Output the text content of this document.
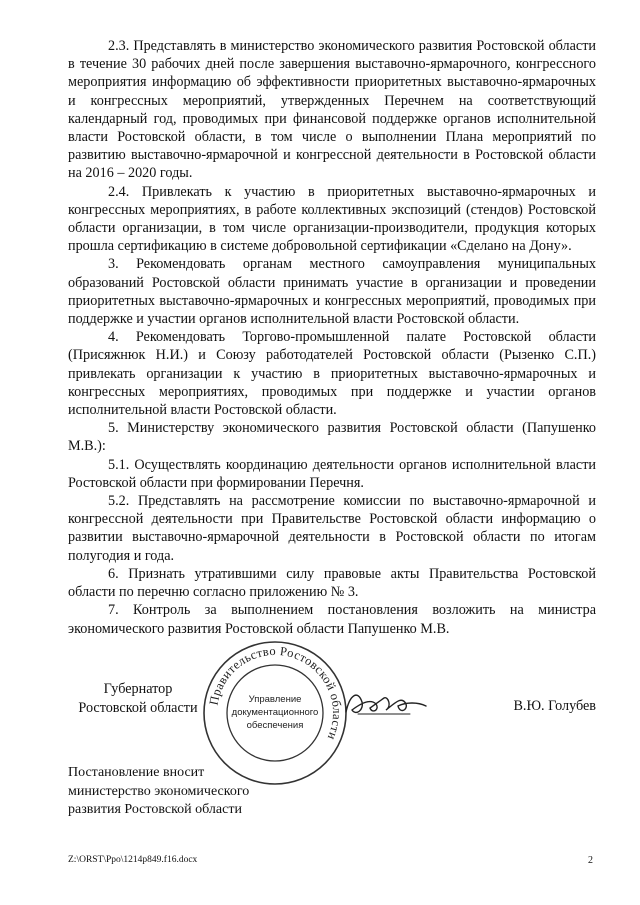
2.3. Представлять в министерство экономического развития Ростовской области в течение 30 рабочих дней после завершения выставочно-ярмарочного, конгрессного мероприятия информацию об эффективности приоритетных выставочно-ярмарочных и конгрессных мероприятий, утвержденных Перечнем на соответствующий календарный год, проводимых при финансовой поддержке органов исполнительной власти Ростовской области, в том числе о выполнении Плана мероприятий по развитию выставочно-ярмарочной и конгрессной деятельности в Ростовской области на 2016 – 2020 годы.

2.4. Привлекать к участию в приоритетных выставочно-ярмарочных и конгрессных мероприятиях, в работе коллективных экспозиций (стендов) Ростовской области организации, в том числе организации-производители, продукция которых прошла сертификацию в системе добровольной сертификации «Сделано на Дону».

3. Рекомендовать органам местного самоуправления муниципальных образований Ростовской области принимать участие в организации и проведении приоритетных выставочно-ярмарочных и конгрессных мероприятий, проводимых при поддержке и участии органов исполнительной власти Ростовской области.

4. Рекомендовать Торгово-промышленной палате Ростовской области (Присяжнюк Н.И.) и Союзу работодателей Ростовской области (Рызенко С.П.) привлекать организации к участию в приоритетных выставочно-ярмарочных и конгрессных мероприятиях, проводимых при поддержке и участии органов исполнительной власти Ростовской области.

5. Министерству экономического развития Ростовской области (Папушенко М.В.):

5.1. Осуществлять координацию деятельности органов исполнительной власти Ростовской области при формировании Перечня.

5.2. Представлять на рассмотрение комиссии по выставочно-ярмарочной и конгрессной деятельности при Правительстве Ростовской области информацию о развитии выставочно-ярмарочной деятельности в Ростовской области по итогам полугодия и года.

6. Признать утратившими силу правовые акты Правительства Ростовской области по перечню согласно приложению № 3.

7. Контроль за выполнением постановления возложить на министра экономического развития Ростовской области Папушенко М.В.

Губернатор
Ростовской области Правительство Ростовской области
Управление
документационного
обеспечения
В.Ю. Голубев
Постановление вносит
министерство экономического
развития Ростовской области
Z:\ORST\Ppo\1214p849.f16.docx	2
